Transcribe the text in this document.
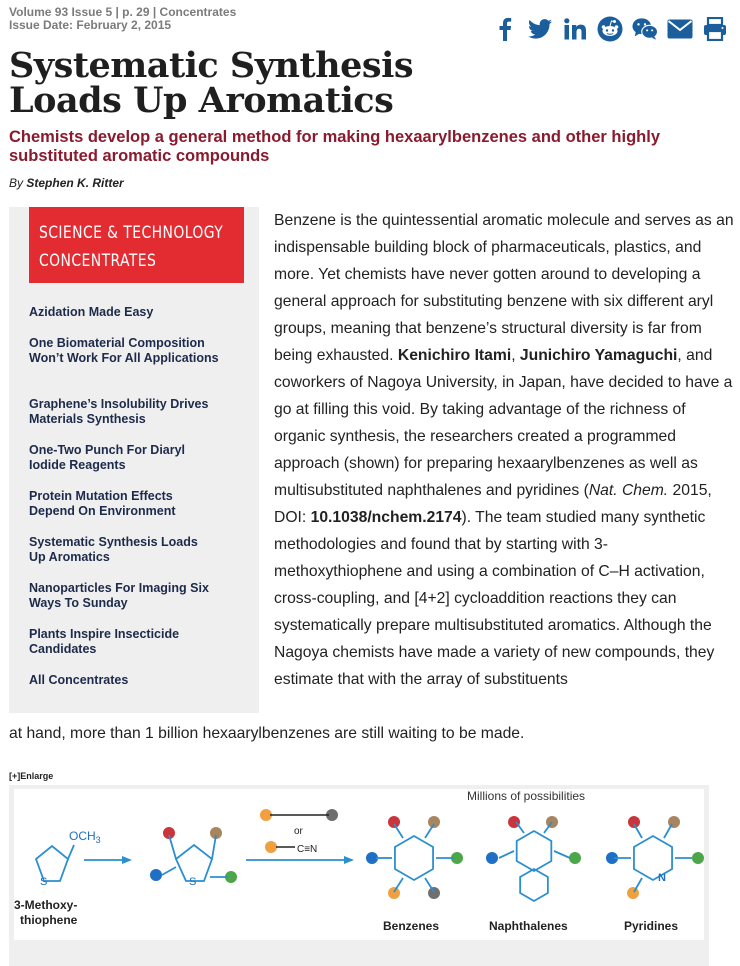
Volume 93 Issue 5 | p. 29 | Concentrates
Issue Date: February 2, 2015
Systematic Synthesis
Loads Up Aromatics
Chemists develop a general method for making hexaarylbenzenes and other highly substituted aromatic compounds
By Stephen K. Ritter
SCIENCE & TECHNOLOGY
CONCENTRATES
Azidation Made Easy
One Biomaterial Composition Won’t Work For All Applications
Graphene’s Insolubility Drives Materials Synthesis
One-Two Punch For Diaryl Iodide Reagents
Protein Mutation Effects Depend On Environment
Systematic Synthesis Loads Up Aromatics
Nanoparticles For Imaging Six Ways To Sunday
Plants Inspire Insecticide Candidates
All Concentrates

Benzene is the quintessential aromatic molecule and serves as an indispensable building block of pharmaceuticals, plastics, and more. Yet chemists have never gotten around to developing a general approach for substituting benzene with six different aryl groups, meaning that benzene’s structural diversity is far from being exhausted. Kenichiro Itami, Junichiro Yamaguchi, and coworkers of Nagoya University, in Japan, have decided to have a go at filling this void. By taking advantage of the richness of organic synthesis, the researchers created a programmed approach (shown) for preparing hexaarylbenzenes as well as multisubstituted naphthalenes and pyridines (Nat. Chem. 2015, DOI: 10.1038/nchem.2174). The team studied many synthetic methodologies and found that by starting with 3-methoxythiophene and using a combination of C–H activation, cross-coupling, and [4+2] cycloaddition reactions they can systematically prepare multisubstituted aromatics. Although the Nagoya chemists have made a variety of new compounds, they estimate that with the array of substituents

at hand, more than 1 billion hexaarylbenzenes are still waiting to be made.

[+]Enlarge
Millions of possibilities
3-Methoxy-
thiophene	Benzenes	Naphthalenes	Pyridines
$OCH_3$
S	S
or
C≡N
N
